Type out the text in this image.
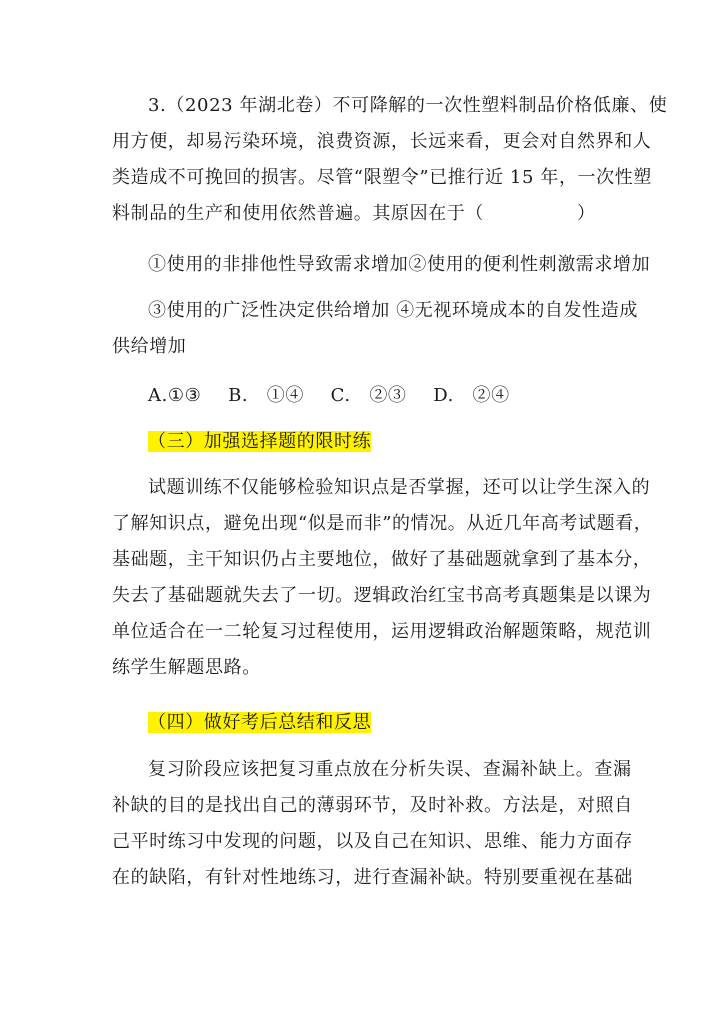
3.（2023 年湖北卷）不可降解的一次性塑料制品价格低廉、使
用方便，却易污染环境，浪费资源，长远来看，更会对自然界和人
类造成不可挽回的损害。尽管“限塑令”已推行近 15 年，一次性塑
料制品的生产和使用依然普遍。其原因在于（　　　　　）
①使用的非排他性导致需求增加②使用的便利性刺激需求增加
③使用的广泛性决定供给增加 ④无视环境成本的自发性造成
供给增加
A.①③ B.　①④ C.　②③ D.　②④
（三）加强选择题的限时练
试题训练不仅能够检验知识点是否掌握，还可以让学生深入的
了解知识点，避免出现“似是而非”的情况。从近几年高考试题看，
基础题，主干知识仍占主要地位，做好了基础题就拿到了基本分，
失去了基础题就失去了一切。逻辑政治红宝书高考真题集是以课为
单位适合在一二轮复习过程使用，运用逻辑政治解题策略，规范训
练学生解题思路。
（四）做好考后总结和反思
复习阶段应该把复习重点放在分析失误、查漏补缺上。查漏
补缺的目的是找出自己的薄弱环节，及时补救。方法是，对照自
己平时练习中发现的问题，以及自己在知识、思维、能力方面存
在的缺陷，有针对性地练习，进行查漏补缺。特别要重视在基础
